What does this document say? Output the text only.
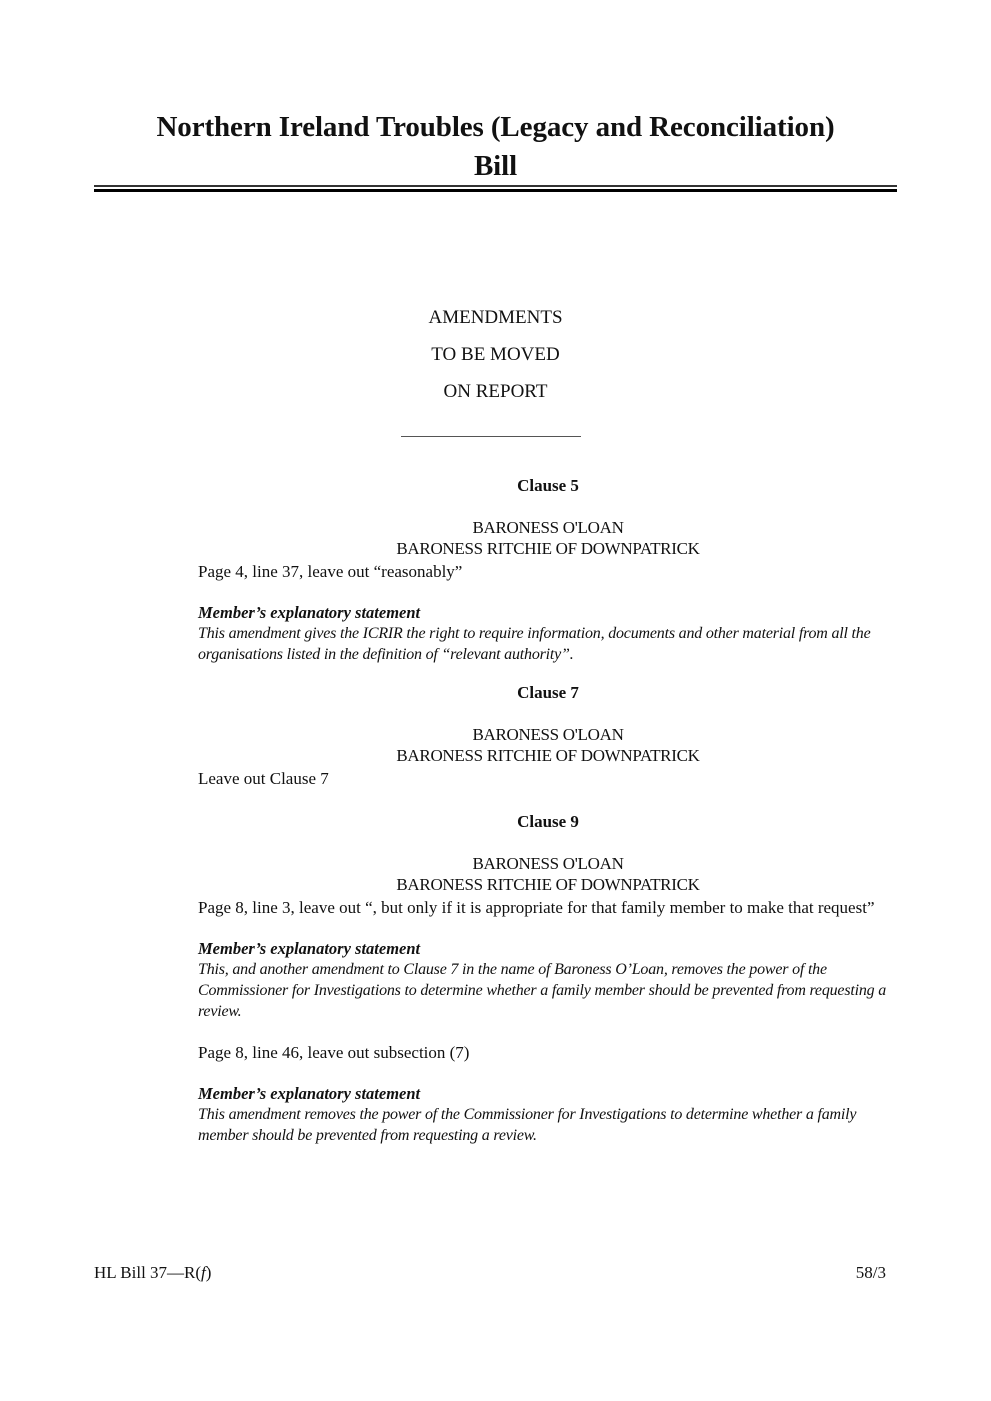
Northern Ireland Troubles (Legacy and Reconciliation)
Bill
AMENDMENTS
TO BE MOVED
ON REPORT
Clause 5
BARONESS O'LOAN
BARONESS RITCHIE OF DOWNPATRICK
Page 4, line 37, leave out “reasonably”
Member’s explanatory statement
This amendment gives the ICRIR the right to require information, documents and other material from all the organisations listed in the definition of “relevant authority”.
Clause 7
BARONESS O'LOAN
BARONESS RITCHIE OF DOWNPATRICK
Leave out Clause 7
Clause 9
BARONESS O'LOAN
BARONESS RITCHIE OF DOWNPATRICK
Page 8, line 3, leave out “, but only if it is appropriate for that family member to make that request”
Member’s explanatory statement
This, and another amendment to Clause 7 in the name of Baroness O’Loan, removes the power of the Commissioner for Investigations to determine whether a family member should be prevented from requesting a review.
Page 8, line 46, leave out subsection (7)
Member’s explanatory statement
This amendment removes the power of the Commissioner for Investigations to determine whether a family member should be prevented from requesting a review.
HL Bill 37—R(f)	58/3
